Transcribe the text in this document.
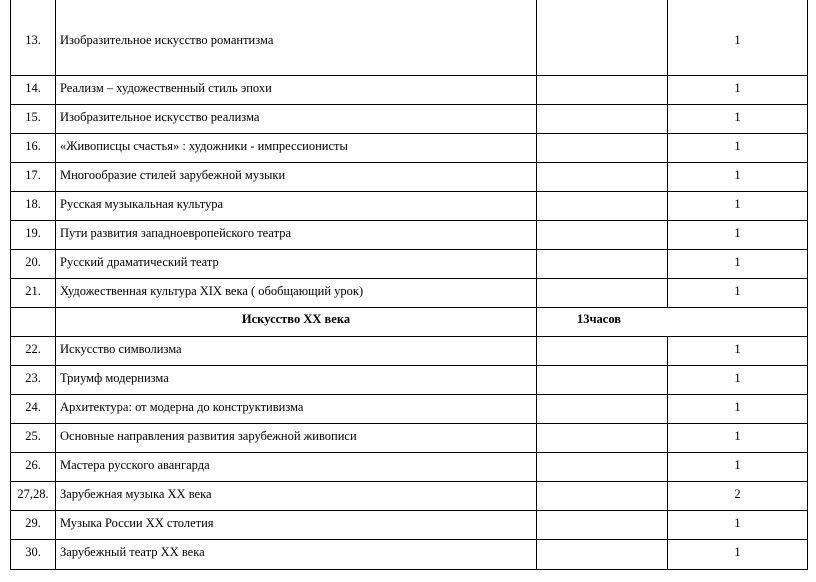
13.	Изобразительное искусство романтизма		1
14.	Реализм – художественный стиль эпохи		1
15.	Изобразительное искусство реализма		1
16.	«Живописцы счастья» : художники - импрессионисты		1
17.	Многообразие стилей зарубежной музыки		1
18.	Русская музыкальная культура		1
19.	Пути развития западноевропейского театра		1
20.	Русский драматический театр		1
21.	Художественная культура XIX века ( обобщающий урок)		1
	Искусство ХХ века	13часов	
22.	Искусство символизма		1
23.	Триумф модернизма		1
24.	Архитектура: от модерна до конструктивизма		1
25.	Основные направления развития зарубежной живописи		1
26.	Мастера русского авангарда		1
27,28.	Зарубежная музыка ХХ века		2
29.	Музыка России ХХ столетия		1
30.	Зарубежный театр ХХ века		1
